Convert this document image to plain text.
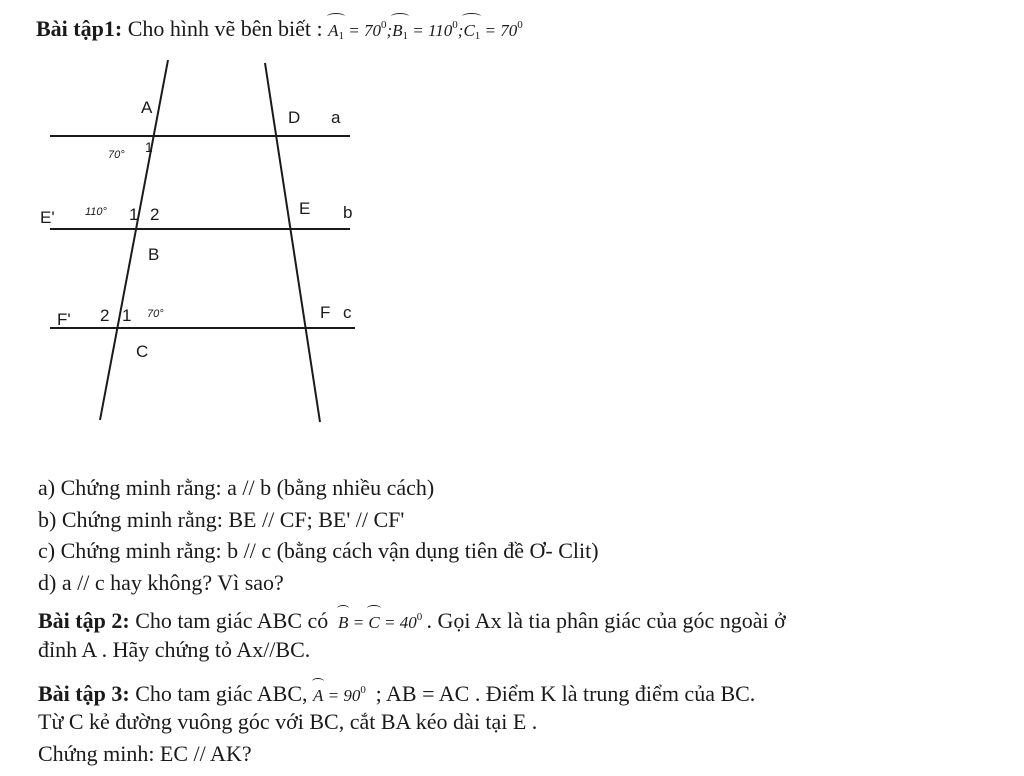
Bài tập1: Cho hình vẽ bên biết : $A_1$ = $70^0;B_1$ = $110^0;C_1 = 70^0$
A
D a
E'	E b
B
F'	F c
C
1
1 2
2 1
70°
110°
70°
a) Chứng minh rằng: a // b (bằng nhiều cách)
b) Chứng minh rằng: BE // CF; BE' // CF'
c) Chứng minh rằng: b // c (bằng cách vận dụng tiên đề Ơ- Clit)
d) a // c hay không? Vì sao?
Bài tập 2: Cho tam giác ABC có $B = C = 40^0$ . Gọi Ax là tia phân giác của góc ngoài ở
đỉnh A . Hãy chứng tỏ Ax//BC.
Bài tập 3: Cho tam giác ABC, $A = 90^0$ ; AB = AC . Điểm K là trung điểm của BC.
Từ C kẻ đường vuông góc với BC, cắt BA kéo dài tại E .
Chứng minh: EC // AK?
